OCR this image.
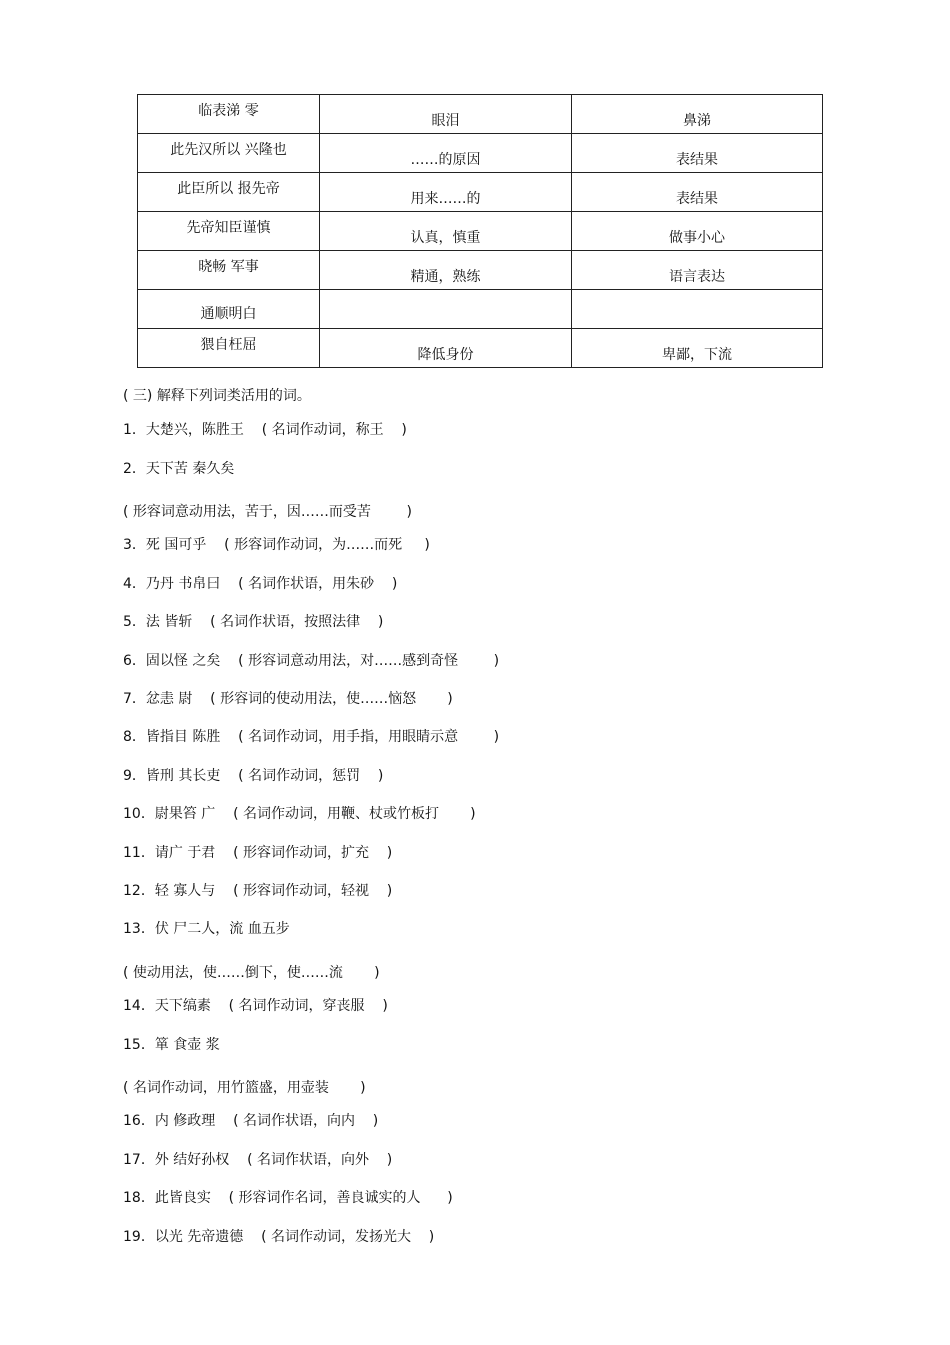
临表涕 零	眼泪	鼻涕
此先汉所以 兴隆也	……的原因	表结果
此臣所以 报先帝	用来……的	表结果
先帝知臣谨慎	认真，慎重	做事小心
晓畅 军事	精通，熟练	语言表达
通顺明白		
猥自枉屈	降低身份	卑鄙，下流
( 三) 解释下列词类活用的词。
1．大楚兴，陈胜王    ( 名词作动词，称王    )
2．天下苦 秦久矣
( 形容词意动用法，苦于，因……而受苦        )
3．死 国可乎    ( 形容词作动词，为……而死     )
4．乃丹 书帛曰    ( 名词作状语，用朱砂    )
5．法 皆斩    ( 名词作状语，按照法律    )
6．固以怪 之矣    ( 形容词意动用法，对……感到奇怪        )
7．忿恚 尉    ( 形容词的使动用法，使……恼怒       )
8．皆指目 陈胜    ( 名词作动词，用手指，用眼睛示意        )
9．皆刑 其长吏    ( 名词作动词，惩罚    )
10．尉果笞 广    ( 名词作动词，用鞭、杖或竹板打       )
11．请广 于君    ( 形容词作动词，扩充    )
12．轻 寡人与    ( 形容词作动词，轻视    )
13．伏 尸二人，流 血五步
( 使动用法，使……倒下，使……流       )
14．天下缟素    ( 名词作动词，穿丧服    )
15．箪 食壶 浆
( 名词作动词，用竹篮盛，用壶装       )
16．内 修政理    ( 名词作状语，向内    )
17．外 结好孙权    ( 名词作状语，向外    )
18．此皆良实    ( 形容词作名词，善良诚实的人      )
19．以光 先帝遗德    ( 名词作动词，发扬光大    )
